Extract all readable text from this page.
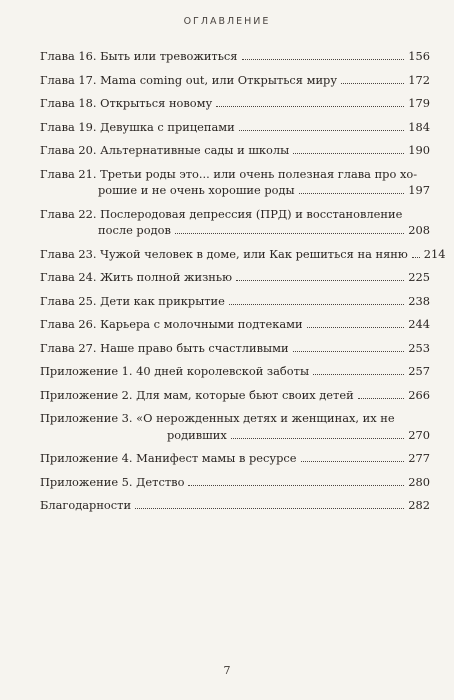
ОГЛАВЛЕНИЕ
Глава 16. Быть или тревожиться	156
Глава 17. Mama coming out, или Открыться миру	172
Глава 18. Открыться новому	179
Глава 19. Девушка с прицепами	184
Глава 20. Альтернативные сады и школы	190
Глава 21. Третьи роды это... или очень полезная глава про хо-
рошие и не очень хорошие роды	197
Глава 22. Послеродовая депрессия (ПРД) и восстановление
после родов	208
Глава 23. Чужой человек в доме, или Как решиться на няню 214
Глава 24. Жить полной жизнью	225
Глава 25. Дети как прикрытие	238
Глава 26. Карьера с молочными подтеками	244
Глава 27. Наше право быть счастливыми	253
Приложение 1. 40 дней королевской заботы	257
Приложение 2. Для мам, которые бьют своих детей	266
Приложение 3. «О нерожденных детях и женщинах, их не
родивших	270
Приложение 4. Манифест мамы в ресурсе	277
Приложение 5. Детство	280
Благодарности	282
7
